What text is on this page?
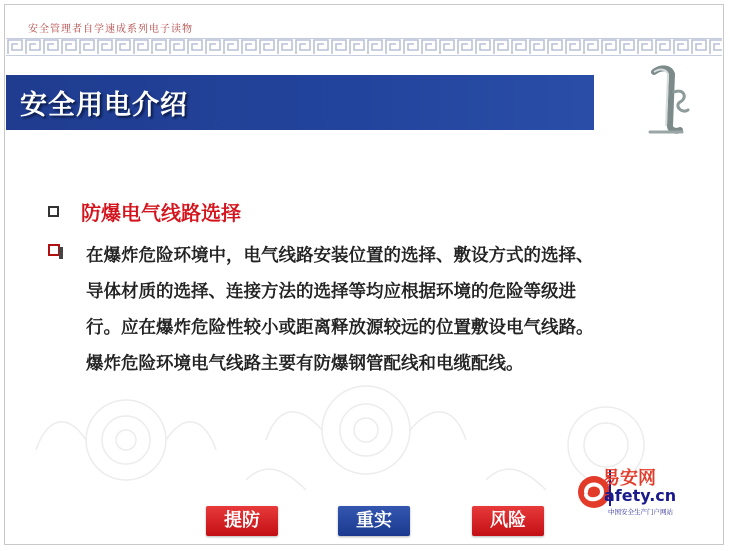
安全管理者自学速成系列电子读物
安全用电介绍
防爆电气线路选择
在爆炸危险环境中，电气线路安装位置的选择、敷设方式的选择、
导体材质的选择、连接方法的选择等均应根据环境的危险等级进
行。应在爆炸危险性较小或距离释放源较远的位置敷设电气线路。
爆炸危险环境电气线路主要有防爆钢管配线和电缆配线。
易安网
afety.cn
中国安全生产门户网站
提防	重实	风险
